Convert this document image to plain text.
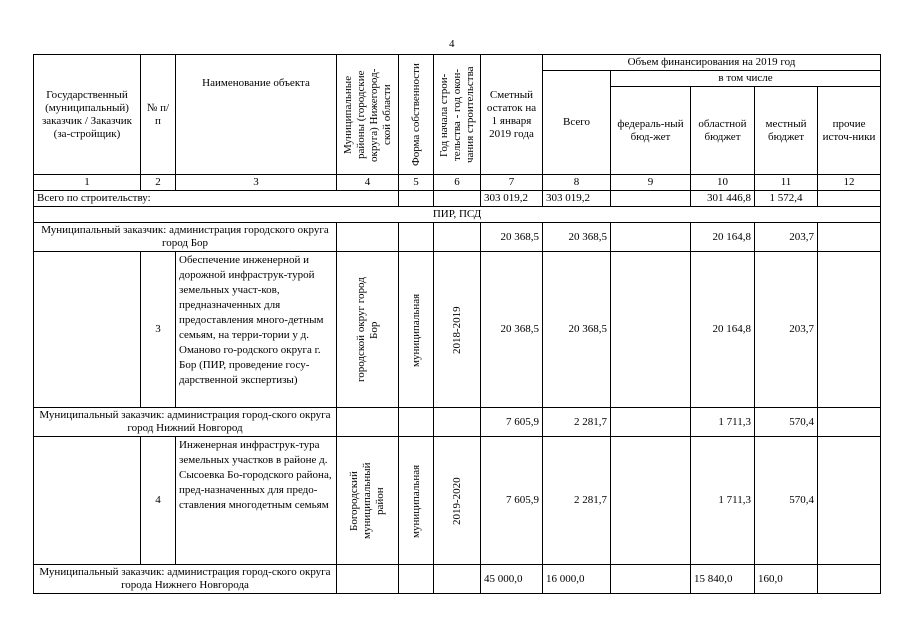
4
Государственный (муниципальный) заказчик / Заказчик (за-стройщик)	№ п/п	Наименование объекта	Муниципальные районы (городские округа) Нижегород-ской области	Форма собственности	Год начала строи-тельства - год окон-чания строительства	Сметный остаток на 1 января 2019 года	Объем финансирования на 2019 год				
							Всего	в том числе			
								федераль-ный бюд-жет	областной бюджет	местный бюджет	прочие источ-ники
1	2	3	4	5	6	7	8	9	10	11	12
Всего по строительству:						303 019,2	303 019,2		301 446,8	1 572,4	
ПИР, ПСД											
Муниципальный заказчик: администрация городского округа город Бор						20 368,5	20 368,5		20 164,8	203,7	
	3	Обеспечение инженерной и дорожной инфраструк-турой земельных участ-ков, предназначенных для предоставления много-детным семьям, на терри-тории у д. Оманово го-родского округа г. Бор (ПИР, проведение госу-дарственной экспертизы)	городской округ город Бор	муниципальная	2018-2019	20 368,5	20 368,5		20 164,8	203,7	
Муниципальный заказчик: администрация город-ского округа город Нижний Новгород						7 605,9	2 281,7		1 711,3	570,4	
	4	Инженерная инфраструк-тура земельных участков в районе д. Сысоевка Бо-городского района, пред-назначенных для предо-ставления многодетным семьям	Богородский муниципальный район	муниципальная	2019-2020	7 605,9	2 281,7		1 711,3	570,4	
Муниципальный заказчик: администрация город-ского округа города Нижнего Новгорода						45 000,0	16 000,0		15 840,0	160,0	
